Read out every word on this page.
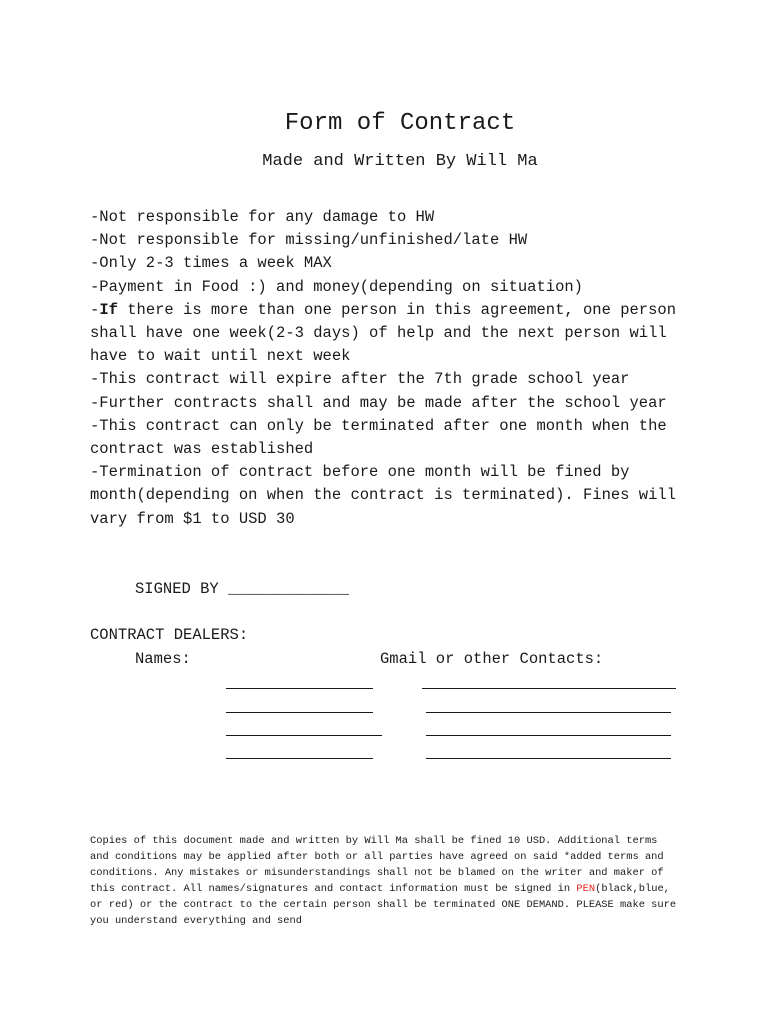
Form of Contract
Made and Written By Will Ma
-Not responsible for any damage to HW
-Not responsible for missing/unfinished/late HW
-Only 2-3 times a week MAX
-Payment in Food :) and money(depending on situation)
-If there is more than one person in this agreement, one person shall have one week(2-3 days) of help and the next person will have to wait until next week
-This contract will expire after the 7th grade school year
-Further contracts shall and may be made after the school year
-This contract can only be terminated after one month when the contract was established
-Termination of contract before one month will be fined by month(depending on when the contract is terminated). Fines will vary from $1 to USD 30
SIGNED BY _____________
CONTRACT DEALERS:
Names:	Gmail or other Contacts:

Copies of this document made and written by Will Ma shall be fined 10 USD. Additional terms and conditions may be applied after both or all parties have agreed on said *added terms and conditions. Any mistakes or misunderstandings shall not be blamed on the writer and maker of this contract. All names/signatures and contact information must be signed in PEN(black,blue, or red) or the contract to the certain person shall be terminated ONE DEMAND. PLEASE make sure you understand everything and send
